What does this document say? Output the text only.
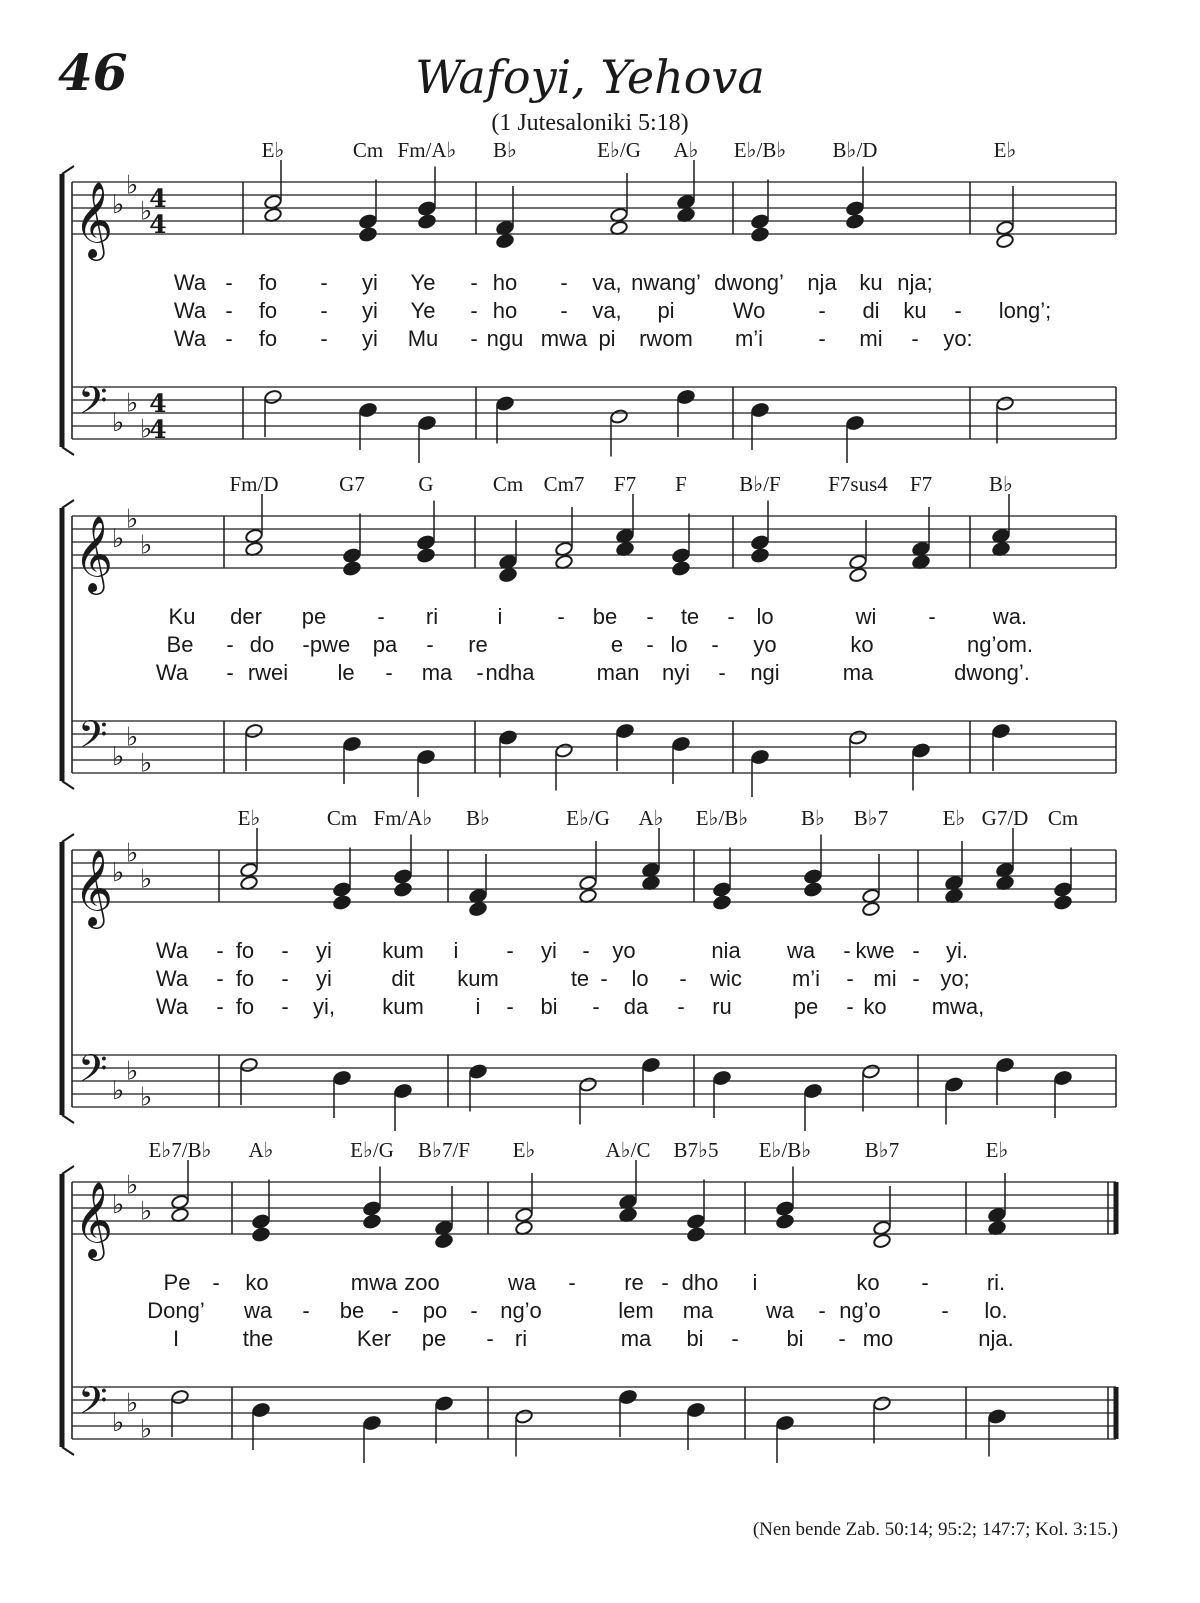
46	Wafoyi, Yehova
(1 Jutesaloniki 5:18)
𝄞
𝄢
♭
♭
♭
♭
♭
♭
4
4
4
4
E♭	Cm Fm/A♭ B♭	E♭/G A♭ E♭/B♭ B♭/D	E♭
Wa - fo - yi Ye - ho - va, nwang’ dwong’ nja ku nja;
Wa - fo - yi Ye - ho - va, pi	Wo - di ku - long’;
Wa - fo - yi Mu - ngu mwa pi rwom m’i	- mi - yo:
𝄞
𝄢
♭
♭
♭
♭
♭
♭
Fm/D	G7	G	Cm Cm7 F7 F B♭/F F7sus4 F7	B♭
Ku der pe - ri	i - be - te - lo	wi -	wa.
Be - do - pwe pa - re	e - lo - yo	ko	ng’om.
Wa - rwei le - ma - ndha	man nyi - ngi	ma	dwong’.
𝄞
𝄢
♭
♭
♭
♭
♭
♭
E♭	Cm Fm/A♭ B♭	E♭/G A♭ E♭/B♭	B♭ B♭7	E♭ G7/D Cm
Wa - fo - yi kum i - yi - yo	nia wa - kwe - yi.
Wa - fo - yi	dit kum	te - lo - wic m’i - mi - yo;
Wa - fo - yi, kum i - bi - da - ru	pe - ko mwa,
𝄞
𝄢
♭
♭
♭
♭
♭
♭
E♭7/B♭ A♭	E♭/G B♭7/F E♭	A♭/C B7♭5 E♭/B♭	B♭7	E♭
Pe - ko	mwa zoo	wa - re - dho i	ko -	ri.
Dong’ wa - be - po - ng’o	lem ma wa - ng’o	- lo.
I	the	Ker pe - ri	ma bi - bi - mo	nja.
(Nen bende Zab. 50:14; 95:2; 147:7; Kol. 3:15.)
